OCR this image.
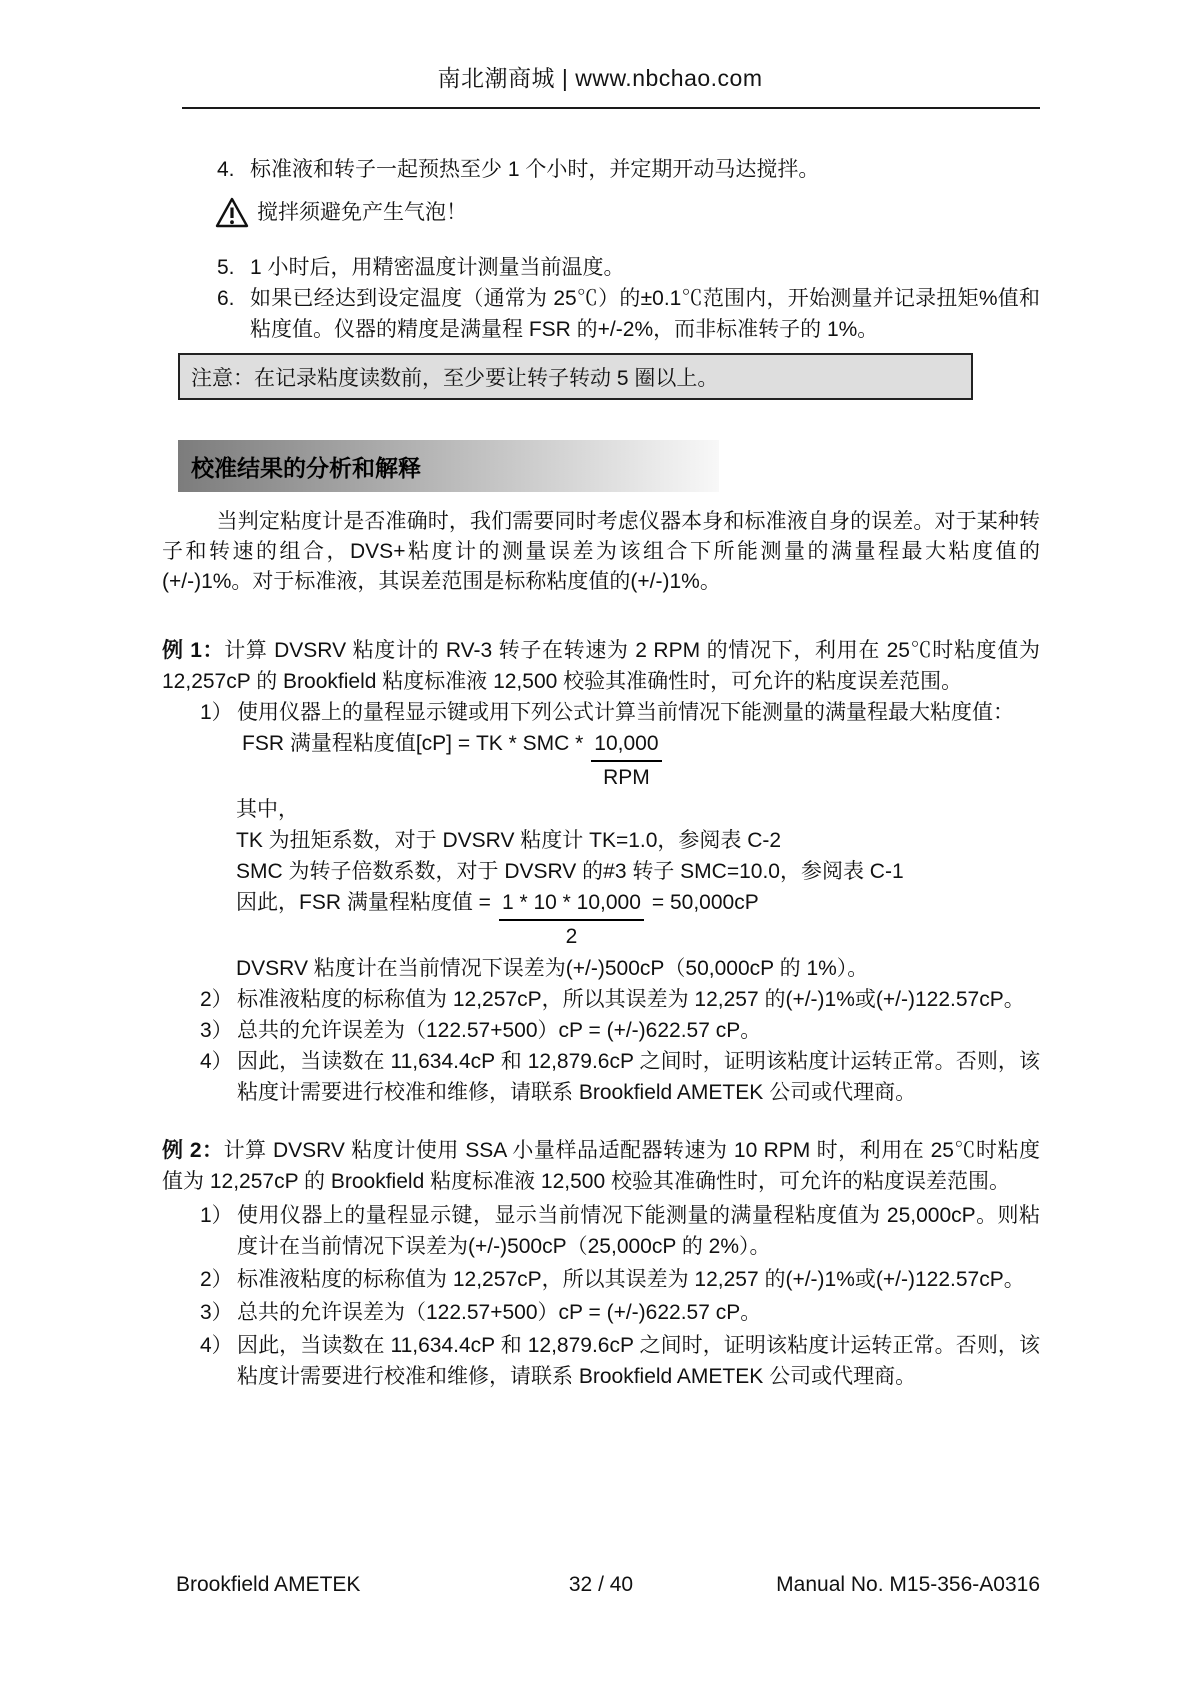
南北潮商城 | www.nbchao.com
4. 标准液和转子一起预热至少 1 个小时，并定期开动马达搅拌。
搅拌须避免产生气泡！
5. 1 小时后，用精密温度计测量当前温度。
6. 如果已经达到设定温度（通常为 25℃）的±0.1℃范围内，开始测量并记录扭矩%值和粘度值。仪器的精度是满量程 FSR 的+/-2%，而非标准转子的 1%。
注意：在记录粘度读数前，至少要让转子转动 5 圈以上。
校准结果的分析和解释
当判定粘度计是否准确时，我们需要同时考虑仪器本身和标准液自身的误差。对于某种转子和转速的组合，DVS+粘度计的测量误差为该组合下所能测量的满量程最大粘度值的(+/-)1%。对于标准液，其误差范围是标称粘度值的(+/-)1%。
例 1：计算 DVSRV 粘度计的 RV-3 转子在转速为 2 RPM 的情况下，利用在 25℃时粘度值为 12,257cP 的 Brookfield 粘度标准液 12,500 校验其准确性时，可允许的粘度误差范围。
1） 使用仪器上的量程显示键或用下列公式计算当前情况下能测量的满量程最大粘度值：
FSR 满量程粘度值[cP] = TK * SMC * $\frac{10,000}{\text{RPM}}$
其中，
TK 为扭矩系数，对于 DVSRV 粘度计 TK=1.0，参阅表 C-2
SMC 为转子倍数系数，对于 DVSRV 的#3 转子 SMC=10.0，参阅表 C-1
因此，FSR 满量程粘度值 = $\frac{1 * 10 * 10,000}{2} = 50,000cP$
DVSRV 粘度计在当前情况下误差为(+/-)500cP（50,000cP 的 1%）。
2） 标准液粘度的标称值为 12,257cP，所以其误差为 12,257 的(+/-)1%或(+/-)122.57cP。
3） 总共的允许误差为（122.57+500）cP = (+/-)622.57 cP。
4） 因此，当读数在 11,634.4cP 和 12,879.6cP 之间时，证明该粘度计运转正常。否则，该粘度计需要进行校准和维修，请联系 Brookfield AMETEK 公司或代理商。
例 2：计算 DVSRV 粘度计使用 SSA 小量样品适配器转速为 10 RPM 时，利用在 25℃时粘度值为 12,257cP 的 Brookfield 粘度标准液 12,500 校验其准确性时，可允许的粘度误差范围。
1） 使用仪器上的量程显示键，显示当前情况下能测量的满量程粘度值为 25,000cP。则粘度计在当前情况下误差为(+/-)500cP（25,000cP 的 2%）。
2） 标准液粘度的标称值为 12,257cP，所以其误差为 12,257 的(+/-)1%或(+/-)122.57cP。
3） 总共的允许误差为（122.57+500）cP = (+/-)622.57 cP。
4） 因此，当读数在 11,634.4cP 和 12,879.6cP 之间时，证明该粘度计运转正常。否则，该粘度计需要进行校准和维修，请联系 Brookfield AMETEK 公司或代理商。
Brookfield AMETEK	32 / 40	Manual No. M15-356-A0316
